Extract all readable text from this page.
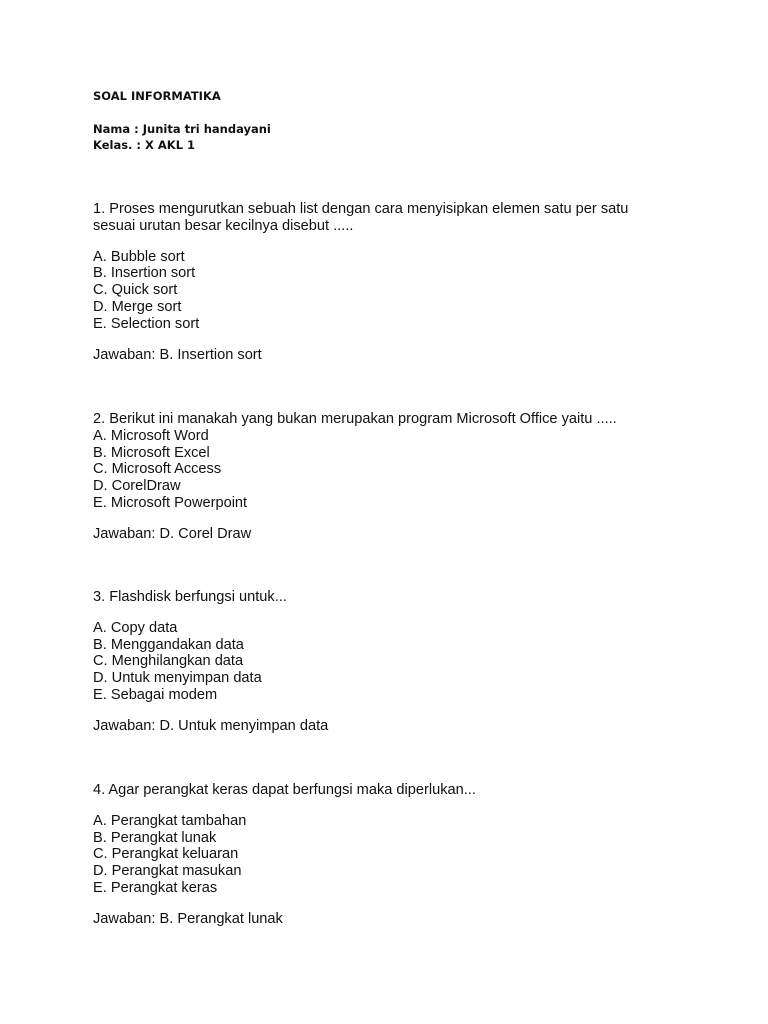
SOAL INFORMATIKA
Nama : Junita tri handayani
Kelas. : X AKL 1
1. Proses mengurutkan sebuah list dengan cara menyisipkan elemen satu per satu
sesuai urutan besar kecilnya disebut .....
A. Bubble sort
B. Insertion sort
C. Quick sort
D. Merge sort
E. Selection sort
Jawaban: B. Insertion sort
2. Berikut ini manakah yang bukan merupakan program Microsoft Office yaitu .....
A. Microsoft Word
B. Microsoft Excel
C. Microsoft Access
D. CorelDraw
E. Microsoft Powerpoint
Jawaban: D. Corel Draw
3. Flashdisk berfungsi untuk...
A. Copy data
B. Menggandakan data
C. Menghilangkan data
D. Untuk menyimpan data
E. Sebagai modem
Jawaban: D. Untuk menyimpan data
4. Agar perangkat keras dapat berfungsi maka diperlukan...
A. Perangkat tambahan
B. Perangkat lunak
C. Perangkat keluaran
D. Perangkat masukan
E. Perangkat keras
Jawaban: B. Perangkat lunak
